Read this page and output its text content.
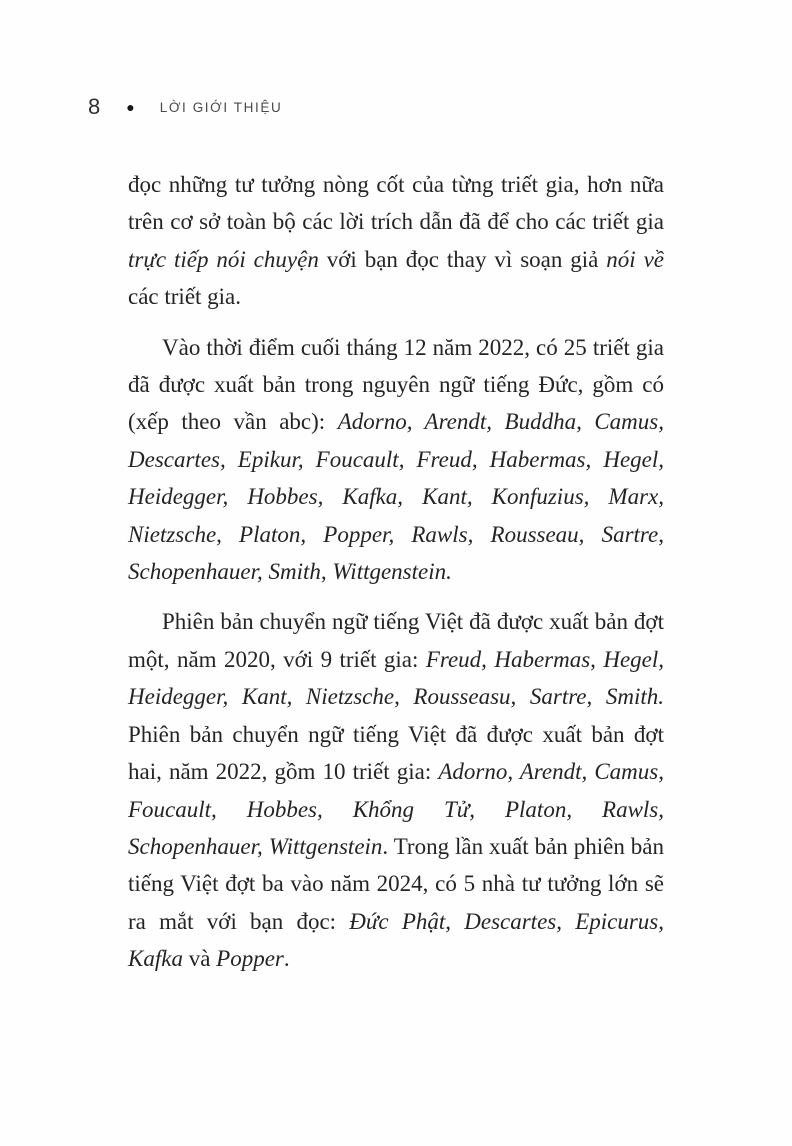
8 ● LỜI GIỚI THIỆU

đọc những tư tưởng nòng cốt của từng triết gia, hơn nữa trên cơ sở toàn bộ các lời trích dẫn đã để cho các triết gia trực tiếp nói chuyện với bạn đọc thay vì soạn giả nói về các triết gia.

Vào thời điểm cuối tháng 12 năm 2022, có 25 triết gia đã được xuất bản trong nguyên ngữ tiếng Đức, gồm có (xếp theo vần abc): Adorno, Arendt, Buddha, Camus, Descartes, Epikur, Foucault, Freud, Habermas, Hegel, Heidegger, Hobbes, Kafka, Kant, Konfuzius, Marx, Nietzsche, Platon, Popper, Rawls, Rousseau, Sartre, Schopenhauer, Smith, Wittgenstein.

Phiên bản chuyển ngữ tiếng Việt đã được xuất bản đợt một, năm 2020, với 9 triết gia: Freud, Habermas, Hegel, Heidegger, Kant, Nietzsche, Rousseasu, Sartre, Smith. Phiên bản chuyển ngữ tiếng Việt đã được xuất bản đợt hai, năm 2022, gồm 10 triết gia: Adorno, Arendt, Camus, Foucault, Hobbes, Khổng Tử, Platon, Rawls, Schopenhauer, Wittgenstein. Trong lần xuất bản phiên bản tiếng Việt đợt ba vào năm 2024, có 5 nhà tư tưởng lớn sẽ ra mắt với bạn đọc: Đức Phật, Descartes, Epicurus, Kafka và Popper.
